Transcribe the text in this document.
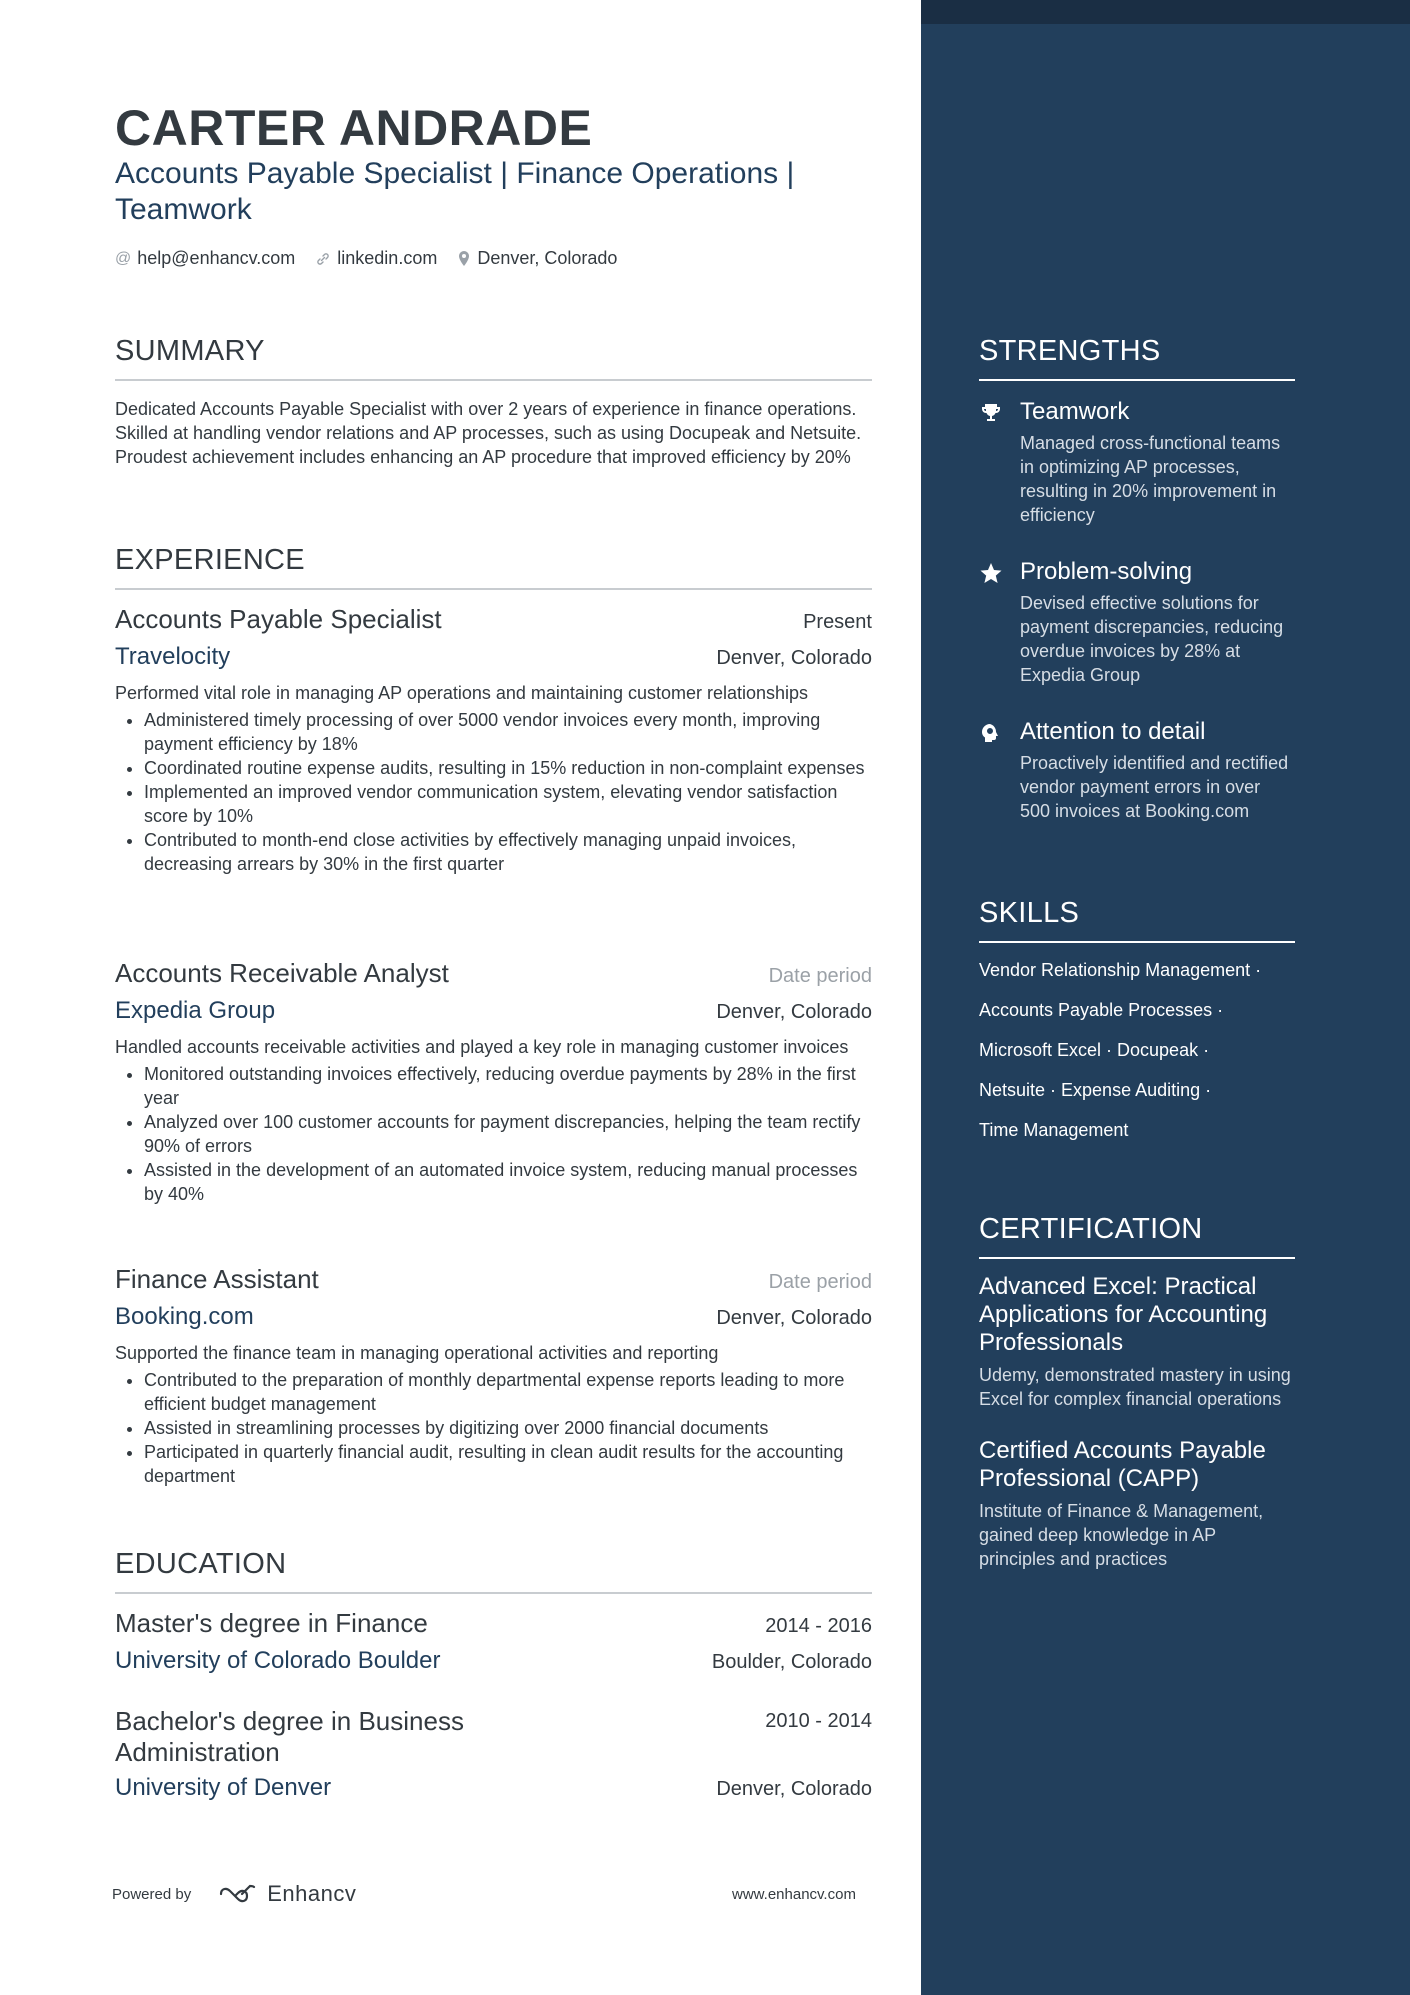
CARTER ANDRADE
Accounts Payable Specialist | Finance Operations | Teamwork
@ help@enhancv.com linkedin.com Denver, Colorado
SUMMARY
Dedicated Accounts Payable Specialist with over 2 years of experience in finance operations. Skilled at handling vendor relations and AP processes, such as using Docupeak and Netsuite. Proudest achievement includes enhancing an AP procedure that improved efficiency by 20%
EXPERIENCE
Accounts Payable Specialist	Present
Travelocity	Denver, Colorado
Performed vital role in managing AP operations and maintaining customer relationships
• Administered timely processing of over 5000 vendor invoices every month, improving payment efficiency by 18%
• Coordinated routine expense audits, resulting in 15% reduction in non-complaint expenses
• Implemented an improved vendor communication system, elevating vendor satisfaction score by 10%
• Contributed to month-end close activities by effectively managing unpaid invoices, decreasing arrears by 30% in the first quarter
Accounts Receivable Analyst	Date period
Expedia Group	Denver, Colorado
Handled accounts receivable activities and played a key role in managing customer invoices
• Monitored outstanding invoices effectively, reducing overdue payments by 28% in the first year
• Analyzed over 100 customer accounts for payment discrepancies, helping the team rectify 90% of errors
• Assisted in the development of an automated invoice system, reducing manual processes by 40%
Finance Assistant	Date period
Booking.com	Denver, Colorado
Supported the finance team in managing operational activities and reporting
• Contributed to the preparation of monthly departmental expense reports leading to more efficient budget management
• Assisted in streamlining processes by digitizing over 2000 financial documents
• Participated in quarterly financial audit, resulting in clean audit results for the accounting department
EDUCATION
Master's degree in Finance	2014 - 2016
University of Colorado Boulder	Boulder, Colorado
Bachelor's degree in Business Administration
2010 - 2014
University of Denver	Denver, Colorado
STRENGTHS
Teamwork
Managed cross-functional teams in optimizing AP processes, resulting in 20% improvement in efficiency
Problem-solving
Devised effective solutions for payment discrepancies, reducing overdue invoices by 28% at Expedia Group
Attention to detail
Proactively identified and rectified vendor payment errors in over 500 invoices at Booking.com
SKILLS
Vendor Relationship Management ·
Accounts Payable Processes ·
Microsoft Excel · Docupeak ·
Netsuite · Expense Auditing ·
Time Management
CERTIFICATION
Advanced Excel: Practical Applications for Accounting Professionals
Udemy, demonstrated mastery in using Excel for complex financial operations
Certified Accounts Payable Professional (CAPP)
Institute of Finance & Management, gained deep knowledge in AP principles and practices
Powered by	Enhancv	www.enhancv.com
